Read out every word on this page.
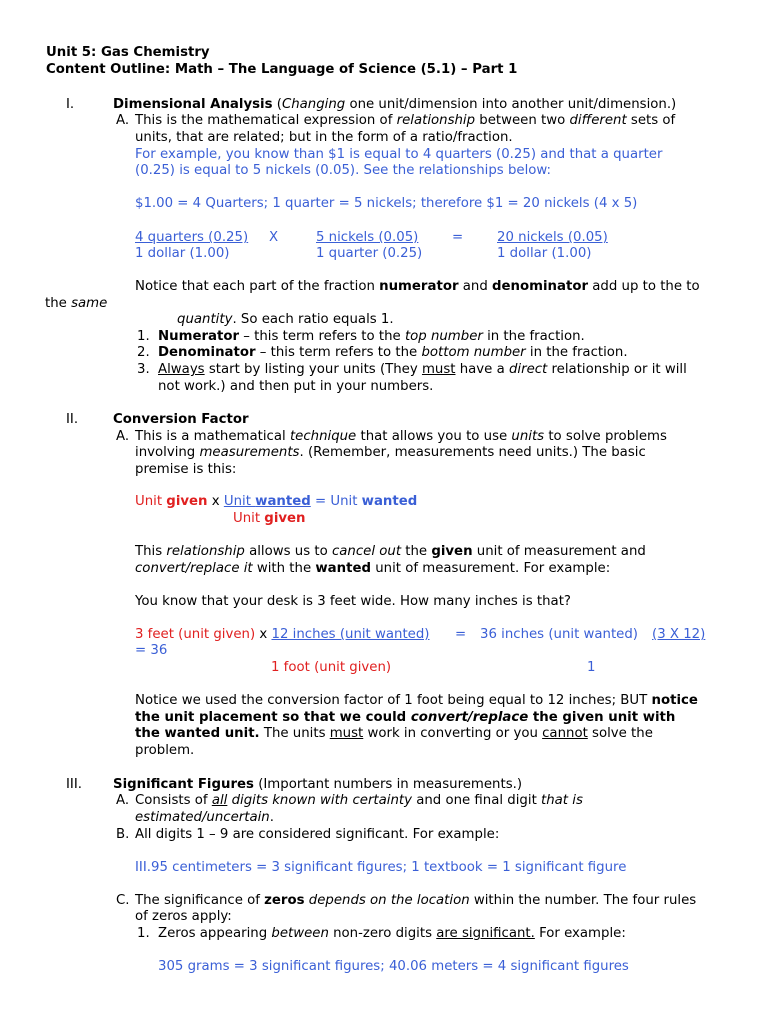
Unit 5: Gas Chemistry
Content Outline: Math – The Language of Science (5.1) – Part 1
I.	Dimensional Analysis (Changing one unit/dimension into another unit/dimension.)
A. This is the mathematical expression of relationship between two different sets of
units, that are related; but in the form of a ratio/fraction.
For example, you know than $1 is equal to 4 quarters (0.25) and that a quarter
(0.25) is equal to 5 nickels (0.05). See the relationships below:
$1.00 = 4 Quarters; 1 quarter = 5 nickels; therefore $1 = 20 nickels (4 x 5)
4 quarters (0.25)
1 dollar (1.00)
X	5 nickels (0.05)
1 quarter (0.25)
=	20 nickels (0.05)
1 dollar (1.00)
Notice that each part of the fraction numerator and denominator add up to the to
the same
quantity. So each ratio equals 1.
1. Numerator – this term refers to the top number in the fraction.
2. Denominator – this term refers to the bottom number in the fraction.
3. Always start by listing your units (They must have a direct relationship or it will
not work.) and then put in your numbers.
II.	Conversion Factor
A. This is a mathematical technique that allows you to use units to solve problems
involving measurements. (Remember, measurements need units.) The basic
premise is this:
Unit given x Unit wanted = Unit wanted
Unit given
This relationship allows us to cancel out the given unit of measurement and
convert/replace it with the wanted unit of measurement. For example:
You know that your desk is 3 feet wide. How many inches is that?
3 feet (unit given) x 12 inches (unit wanted) = 36 inches (unit wanted) (3 X 12)
= 36
1 foot (unit given)	1
Notice we used the conversion factor of 1 foot being equal to 12 inches; BUT notice
the unit placement so that we could convert/replace the given unit with
the wanted unit. The units must work in converting or you cannot solve the
problem.
III. Significant Figures (Important numbers in measurements.)
A. Consists of all digits known with certainty and one final digit that is
estimated/uncertain.
B. All digits 1 – 9 are considered significant. For example:
III.95 centimeters = 3 significant figures; 1 textbook = 1 significant figure
C. The significance of zeros depends on the location within the number. The four rules
of zeros apply:
1. Zeros appearing between non-zero digits are significant. For example:
305 grams = 3 significant figures; 40.06 meters = 4 significant figures
